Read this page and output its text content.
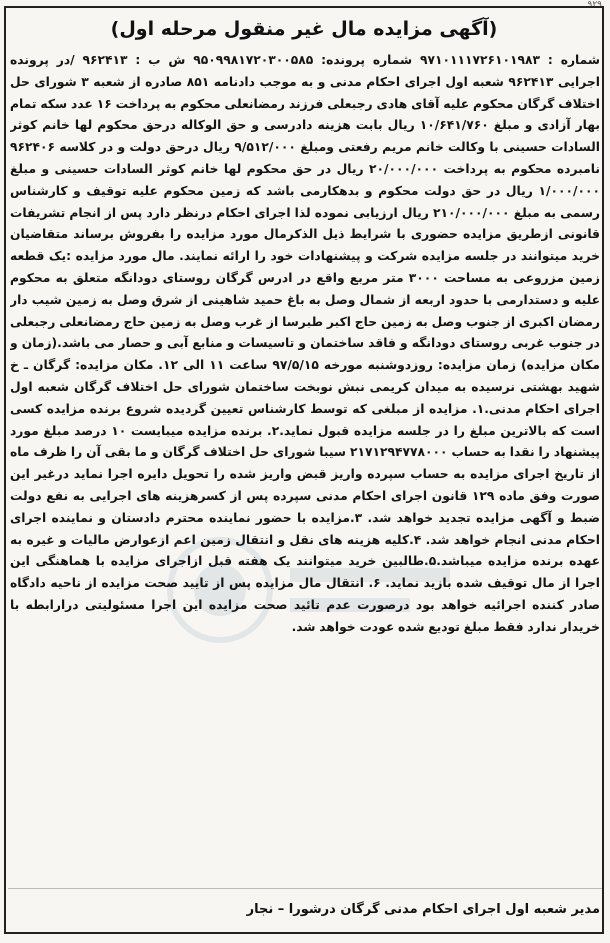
۹۲۹
(آگهی مزایده مال غیر منقول مرحله اول)
شماره : ۹۷۱۰۱۱۱۷۲۶۱۰۱۹۸۳ شماره پرونده: ۹۵۰۹۹۸۱۷۲۰۳۰۰۵۸۵ ش ب : ۹۶۲۴۱۳ /در پرونده اجرایی ۹۶۲۴۱۳ شعبه اول اجرای احکام مدنی و به موجب دادنامه ۸۵۱ صادره از شعبه ۳ شورای حل اختلاف گرگان محکوم علیه آقای هادی رجبعلی فرزند رمضانعلی محکوم به پرداخت ۱۶ عدد سکه تمام بهار آزادی و مبلغ ۱۰/۶۴۱/۷۶۰ ریال بابت هزینه دادرسی و حق الوکاله درحق محکوم لها خانم کوثر السادات حسینی با وکالت خانم مریم رفعتی ومبلغ ۹/۵۱۲/۰۰۰ ریال درحق دولت و در کلاسه ۹۶۲۴۰۶ نامبرده محکوم به پرداخت ۲۰/۰۰۰/۰۰۰ ریال در حق محکوم لها خانم کوثر السادات حسینی و مبلغ ۱/۰۰۰/۰۰۰ ریال در حق دولت محکوم و بدهکارمی باشد که زمین محکوم علیه توقیف و کارشناس رسمی به مبلغ ۲۱۰/۰۰۰/۰۰۰ ریال ارزیابی نموده لذا اجرای احکام درنظر دارد پس از انجام تشریفات قانونی ازطریق مزایده حضوری با شرایط ذیل الذکرمال مورد مزایده را بفروش برساند متقاضیان خرید میتوانند در جلسه مزایده شرکت و پیشنهادات خود را ارائه نمایند. مال مورد مزایده :یک قطعه زمین مزروعی به مساحت ۳۰۰۰ متر مربع واقع در ادرس گرگان روستای دودانگه متعلق به محکوم علیه و دستدارمی با حدود اربعه از شمال وصل به باغ حمید شاهینی از شرق وصل به زمین شیب دار رمضان اکبری از جنوب وصل به زمین حاج اکبر طبرسا از غرب وصل به زمین حاج رمضانعلی رجبعلی در جنوب غربی روستای دودانگه و فاقد ساختمان و تاسیسات و منابع آبی و حصار می باشد.(زمان و مکان مزایده) زمان مزایده: روزدوشنبه مورخه ۹۷/۵/۱۵ ساعت ۱۱ الی ۱۲. مکان مزایده: گرگان ـ خ شهید بهشتی نرسیده به میدان کریمی نبش نوبخت ساختمان شورای حل اختلاف گرگان شعبه اول اجرای احکام مدنی.۱. مزایده از مبلغی که توسط کارشناس تعیین گردیده شروع برنده مزایده کسی است که بالاترین مبلغ را در جلسه مزایده قبول نماید.۲. برنده مزایده میبایست ۱۰ درصد مبلغ مورد پیشنهاد را نقدا به حساب ۲۱۷۱۲۹۴۷۷۸۰۰۰ سیبا شورای حل اختلاف گرگان و ما بقی آن را ظرف ماه از تاریخ اجرای مزایده به حساب سپرده واریز قبض واریز شده را تحویل دایره اجرا نماید درغیر این صورت وفق ماده ۱۲۹ قانون اجرای احکام مدنی سپرده پس از کسرهزینه های اجرایی به نفع دولت ضبط و آگهی مزایده تجدید خواهد شد. ۳.مزایده با حضور نماینده محترم دادستان و نماینده اجرای احکام مدنی انجام خواهد شد. ۴.کلیه هزینه های نقل و انتقال زمین اعم ازعوارض مالیات و غیره به عهده برنده مزایده میباشد.۵.طالبین خرید میتوانند یک هفته قبل ازاجرای مزایده با هماهنگی این اجرا از مال توقیف شده بازید نماید. ۶. انتقال مال مزایده پس از تایید صحت مزایده از ناحیه دادگاه صادر کننده اجرائیه خواهد بود درصورت عدم تائید صحت مزایده این اجرا مسئولیتی درارابطه با خریدار ندارد فقط مبلغ تودیع شده عودت خواهد شد.
مدیر شعبه اول اجرای احکام مدنی گرگان درشورا – نجار
